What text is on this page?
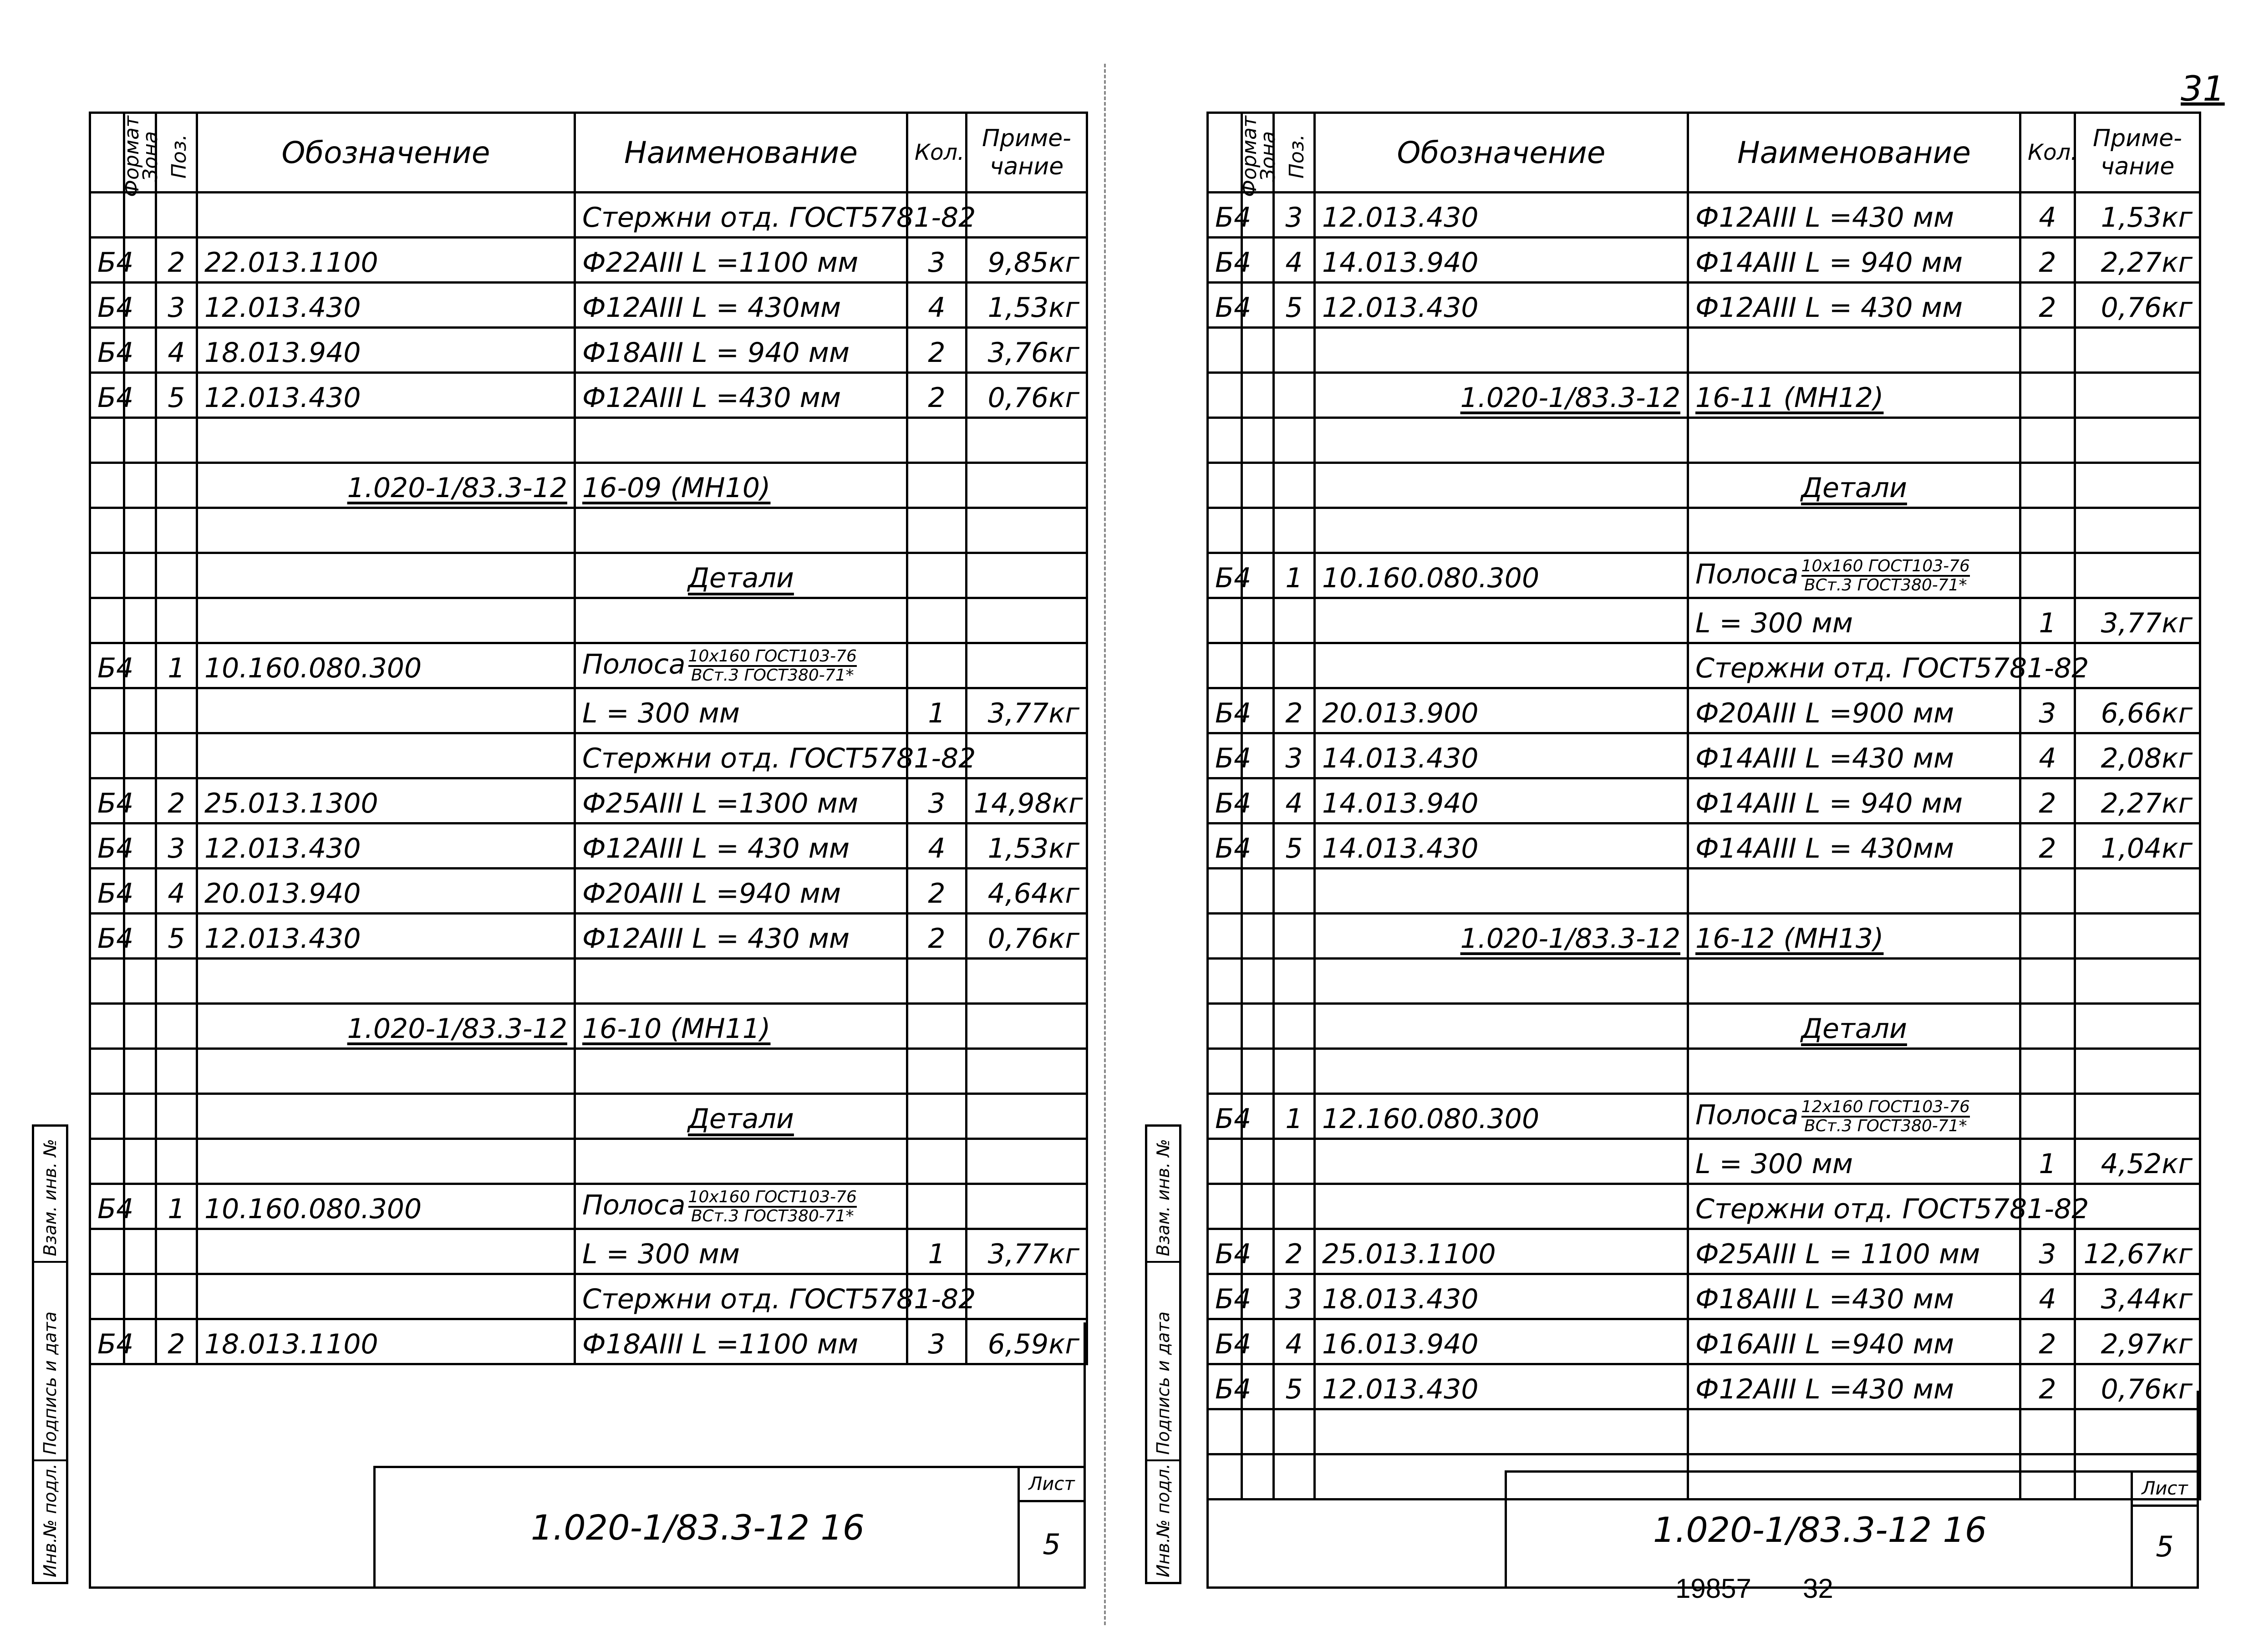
Формат	Зона	Поз.	Обозначение	Наименование	Кол.	Приме- чание
				Стержни отд. ГОСТ5781-82		
Б4		2	22.013.1100	Ф22АIII L =1100 мм	3	9,85кг
Б4		3	12.013.430	Ф12АIII L = 430мм	4	1,53кг
Б4		4	18.013.940	Ф18АIII L = 940 мм	2	3,76кг
Б4		5	12.013.430	Ф12АIII L =430 мм	2	0,76кг

			1.020-1/83.3-12	16-09 (МН10)		

				Детали		

Б4		1	10.160.080.300	Полоса $\frac{\text{10х160 ГОСТ103-76}}{\text{ВСт.3 ГОСТ380-71*}}$

				L = 300 мм	1	3,77кг
				Стержни отд. ГОСТ5781-82		
Б4		2	25.013.1300	Ф25АIII L =1300 мм	3	14,98кг
Б4		3	12.013.430	Ф12АIII L = 430 мм	4	1,53кг
Б4		4	20.013.940	Ф20АIII L =940 мм	2	4,64кг
Б4		5	12.013.430	Ф12АIII L = 430 мм	2	0,76кг

			1.020-1/83.3-12	16-10 (МН11)		

				Детали		

Б4		1	10.160.080.300	Полоса $\frac{\text{10х160 ГОСТ103-76}}{\text{ВСт.3 ГОСТ380-71*}}$

				L = 300 мм	1	3,77кг
				Стержни отд. ГОСТ5781-82		
Б4		2	18.013.1100	Ф18АIII L =1100 мм	3	6,59кг
1.020-1/83.3-12 16
Лист
5
Инв.№ подл.
Подпись и дата
Взам. инв. №
Формат	Зона	Поз.	Обозначение	Наименование	Кол.	Приме- чание
Б4		3	12.013.430	Ф12АIII L =430 мм	4	1,53кг
Б4		4	14.013.940	Ф14АIII L = 940 мм	2	2,27кг
Б4		5	12.013.430	Ф12АIII L = 430 мм	2	0,76кг

			1.020-1/83.3-12	16-11 (МН12)		

				Детали		

Б4		1	10.160.080.300	Полоса $\frac{\text{10х160 ГОСТ103-76}}{\text{ВСт.3 ГОСТ380-71*}}$

				L = 300 мм	1	3,77кг
				Стержни отд. ГОСТ5781-82		
Б4		2	20.013.900	Ф20АIII L =900 мм	3	6,66кг
Б4		3	14.013.430	Ф14АIII L =430 мм	4	2,08кг
Б4		4	14.013.940	Ф14АIII L = 940 мм	2	2,27кг
Б4		5	14.013.430	Ф14АIII L = 430мм	2	1,04кг

			1.020-1/83.3-12	16-12 (МН13)		

				Детали		

Б4		1	12.160.080.300	Полоса $\frac{\text{12х160 ГОСТ103-76}}{\text{ВСт.3 ГОСТ380-71*}}$

				L = 300 мм	1	4,52кг
				Стержни отд. ГОСТ5781-82		
Б4		2	25.013.1100	Ф25АIII L = 1100 мм	3	12,67кг
Б4		3	18.013.430	Ф18АIII L =430 мм	4	3,44кг
Б4		4	16.013.940	Ф16АIII L =940 мм	2	2,97кг
Б4		5	12.013.430	Ф12АIII L =430 мм	2	0,76кг

1.020-1/83.3-12 16
Лист
5
Инв.№ подл.
Подпись и дата
Взам. инв. №
31
19857 32
